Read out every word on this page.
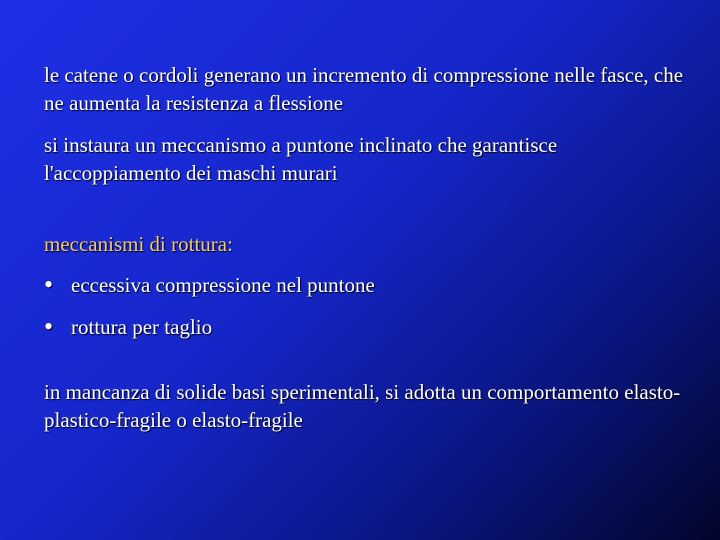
le catene o cordoli generano un incremento di compressione nelle fasce, che ne aumenta la resistenza a flessione

si instaura un meccanismo a puntone inclinato che garantisce l'accoppiamento dei maschi murari

meccanismi di rottura:
• eccessiva compressione nel puntone
• rottura per taglio

in mancanza di solide basi sperimentali, si adotta un comportamento elasto-plastico-fragile o elasto-fragile
